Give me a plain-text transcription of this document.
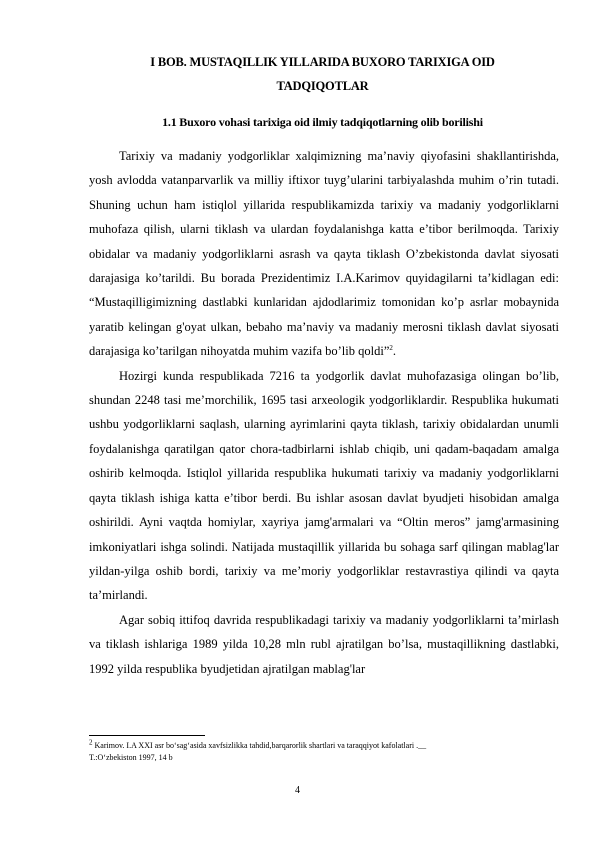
I BOB. MUSTAQILLIK YILLARIDA BUXORO TARIXIGA OID
TADQIQOTLAR
1.1 Buxoro vohasi tarixiga oid ilmiy tadqiqotlarning olib borilishi

Tarixiy va madaniy yodgorliklar xalqimizning ma’naviy qiyofasini shakllantirishda, yosh avlodda vatanparvarlik va milliy iftixor tuyg’ularini tarbiyalashda muhim o’rin tutadi. Shuning uchun ham istiqlol yillarida respublikamizda tarixiy va madaniy yodgorliklarni muhofaza qilish, ularni tiklash va ulardan foydalanishga katta e’tibor berilmoqda. Tarixiy obidalar va madaniy yodgorliklarni asrash va qayta tiklash O’zbekistonda davlat siyosati darajasiga ko’tarildi. Bu borada Prezidentimiz I.A.Karimov quyidagilarni ta’kidlagan edi: “Mustaqilligimizning dastlabki kunlaridan ajdodlarimiz tomonidan ko’p asrlar mobaynida yaratib kelingan g'oyat ulkan, bebaho ma’naviy va madaniy merosni tiklash davlat siyosati darajasiga ko’tarilgan nihoyatda muhim vazifa bo’lib qoldi”$^2$.

Hozirgi kunda respublikada 7216 ta yodgorlik davlat muhofazasiga olingan bo’lib, shundan 2248 tasi me’morchilik, 1695 tasi arxeologik yodgorliklardir. Respublika hukumati ushbu yodgorliklarni saqlash, ularning ayrimlarini qayta tiklash, tarixiy obidalardan unumli foydalanishga qaratilgan qator chora-tadbirlarni ishlab chiqib, uni qadam-baqadam amalga oshirib kelmoqda. Istiqlol yillarida respublika hukumati tarixiy va madaniy yodgorliklarni qayta tiklash ishiga katta e’tibor berdi. Bu ishlar asosan davlat byudjeti hisobidan amalga oshirildi. Ayni vaqtda homiylar, xayriya jamg'armalari va “Oltin meros” jamg'armasining imkoniyatlari ishga solindi. Natijada mustaqillik yillarida bu sohaga sarf qilingan mablag'lar yildan-yilga oshib bordi, tarixiy va me’moriy yodgorliklar restavrastiya qilindi va qayta ta’mirlandi.

Agar sobiq ittifoq davrida respublikadagi tarixiy va madaniy yodgorliklarni ta’mirlash va tiklash ishlariga 1989 yilda 10,28 mln rubl ajratilgan bo’lsa, mustaqillikning dastlabki, 1992 yilda respublika byudjetidan ajratilgan mablag'lar

$^2$ Karimov. I.A XXI asr bo‘sag‘asida xavfsizlikka tahdid,barqarorlik shartlari va taraqqiyot kafolatlari .__
T.:O‘zbekiston 1997, 14 b
4
